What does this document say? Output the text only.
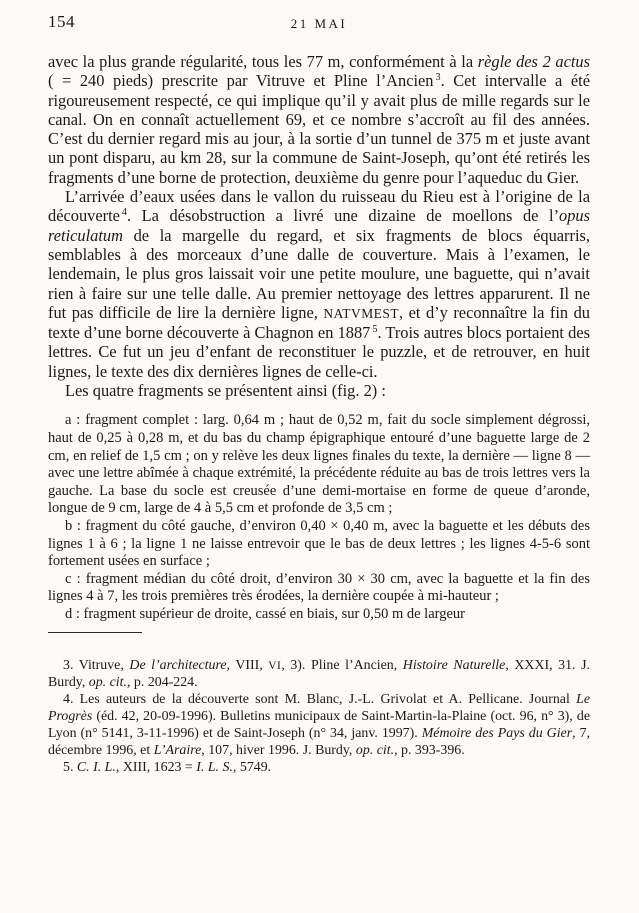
154	21 MAI

avec la plus grande régularité, tous les 77 m, conformément à la règle des 2 actus ( = 240 pieds) prescrite par Vitruve et Pline l’Ancien $^3$. Cet intervalle a été rigoureusement respecté, ce qui implique qu’il y avait plus de mille regards sur le canal. On en connaît actuellement 69, et ce nombre s’accroît au fil des années. C’est du dernier regard mis au jour, à la sortie d’un tunnel de 375 m et juste avant un pont disparu, au km 28, sur la commune de Saint-Joseph, qu’ont été retirés les fragments d’une borne de protection, deuxième du genre pour l’aqueduc du Gier.

L’arrivée d’eaux usées dans le vallon du ruisseau du Rieu est à l’origine de la découverte $^4$. La désobstruction a livré une dizaine de moellons de l’opus reticulatum de la margelle du regard, et six fragments de blocs équarris, semblables à des morceaux d’une dalle de couverture. Mais à l’examen, le lendemain, le plus gros laissait voir une petite moulure, une baguette, qui n’avait rien à faire sur une telle dalle. Au premier nettoyage des lettres apparurent. Il ne fut pas difficile de lire la dernière ligne, NATVMEST, et d’y reconnaître la fin du texte d’une borne découverte à Chagnon en 1887 $^5$. Trois autres blocs portaient des lettres. Ce fut un jeu d’enfant de reconstituer le puzzle, et de retrouver, en huit lignes, le texte des dix dernières lignes de celle-ci.

Les quatre fragments se présentent ainsi (fig. 2) :

a : fragment complet : larg. 0,64 m ; haut de 0,52 m, fait du socle simplement dégrossi, haut de 0,25 à 0,28 m, et du bas du champ épigraphique entouré d’une baguette large de 2 cm, en relief de 1,5 cm ; on y relève les deux lignes finales du texte, la dernière — ligne 8 — avec une lettre abîmée à chaque extrémité, la précédente réduite au bas de trois lettres vers la gauche. La base du socle est creusée d’une demi-mortaise en forme de queue d’aronde, longue de 9 cm, large de 4 à 5,5 cm et profonde de 3,5 cm ;

b : fragment du côté gauche, d’environ 0,40 × 0,40 m, avec la baguette et les débuts des lignes 1 à 6 ; la ligne 1 ne laisse entrevoir que le bas de deux lettres ; les lignes 4-5-6 sont fortement usées en surface ;

c : fragment médian du côté droit, d’environ 30 × 30 cm, avec la baguette et la fin des lignes 4 à 7, les trois premières très érodées, la dernière coupée à mi-hauteur ;

d : fragment supérieur de droite, cassé en biais, sur 0,50 m de largeur

3. Vitruve, De l’architecture, VIII, VI, 3). Pline l’Ancien, Histoire Naturelle, XXXI, 31. J. Burdy, op. cit., p. 204-224.

4. Les auteurs de la découverte sont M. Blanc, J.-L. Grivolat et A. Pellicane. Journal Le Progrès (éd. 42, 20-09-1996). Bulletins municipaux de Saint-Martin-la-Plaine (oct. 96, n° 3), de Lyon (n° 5141, 3-11-1996) et de Saint-Joseph (n° 34, janv. 1997). Mémoire des Pays du Gier, 7, décembre 1996, et L’Araire, 107, hiver 1996. J. Burdy, op. cit., p. 393-396.

5. C. I. L., XIII, 1623 = I. L. S., 5749.
